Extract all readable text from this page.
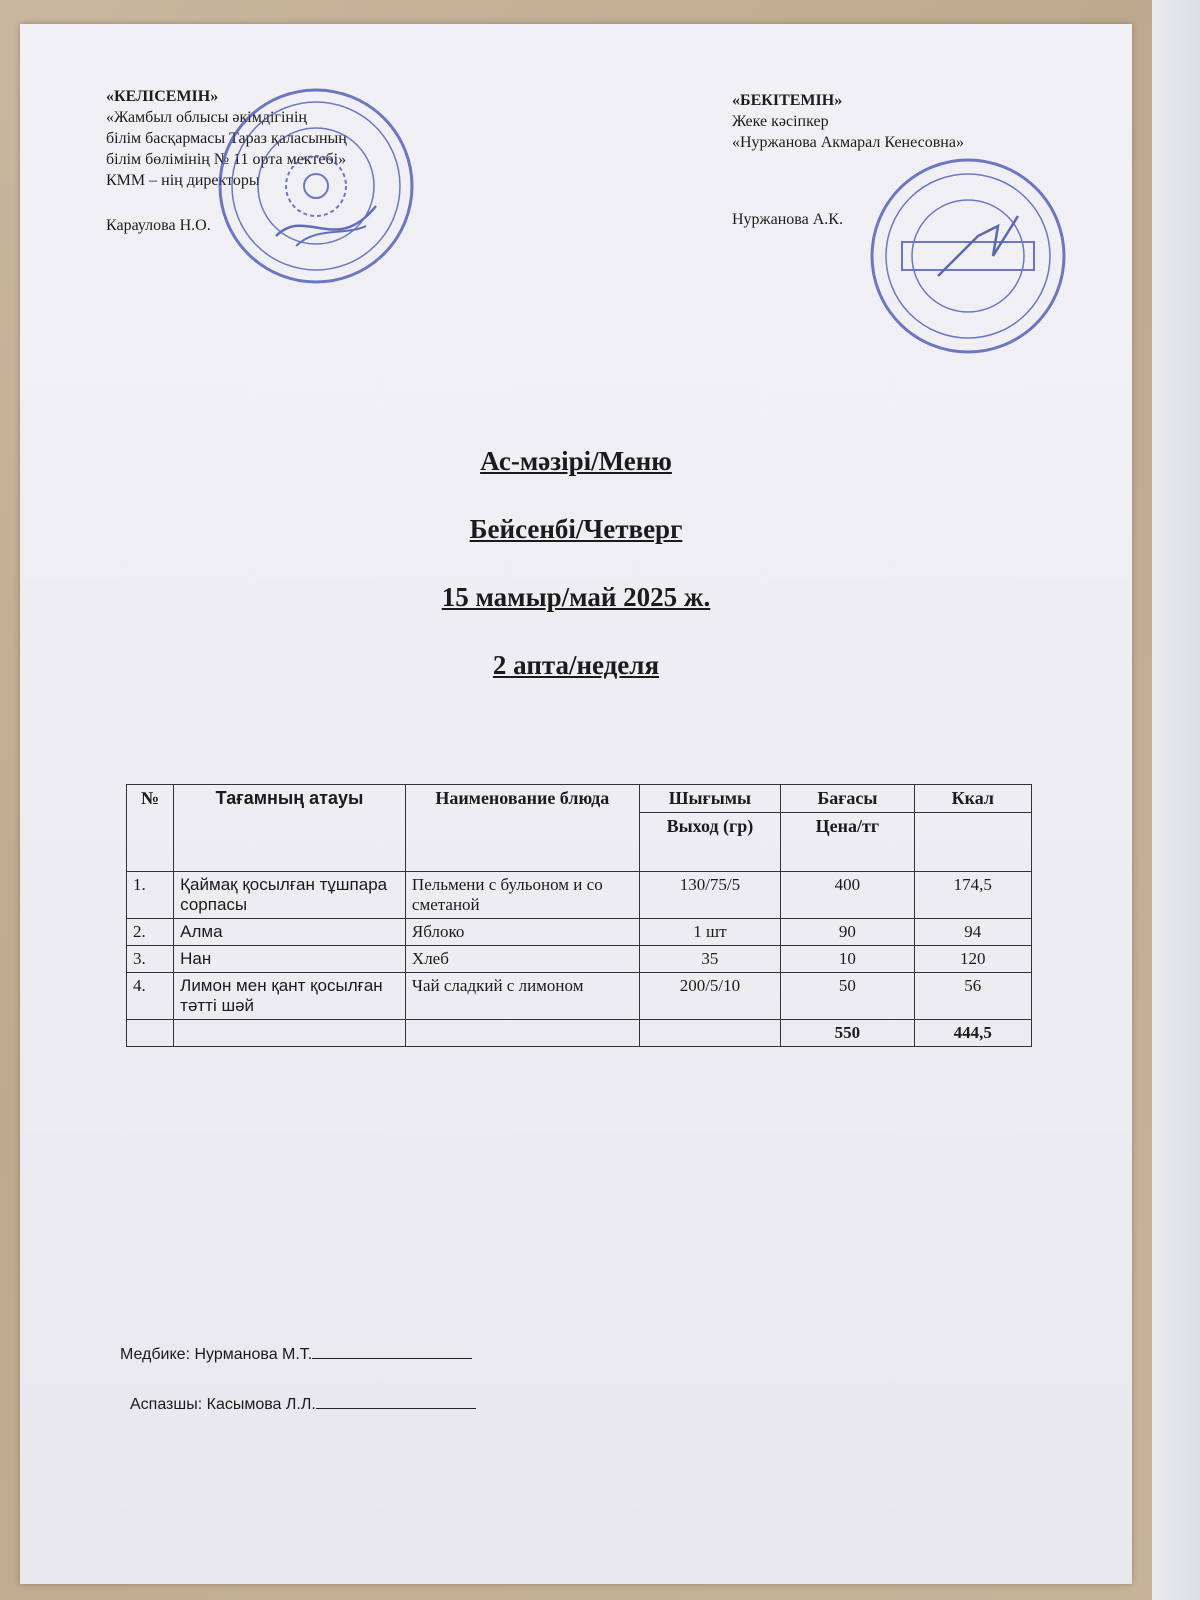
«КЕЛІСЕМІН»
«Жамбыл облысы әкімдігінің
білім басқармасы Тараз қаласының
білім бөлімінің № 11 орта мектебі»
КММ – нің директоры
Караулова Н.О.
«БЕКІТЕМІН»
Жеке кәсіпкер
«Нуржанова Акмарал Кенесовна»
Нуржанова А.К.
Ас-мәзірі/Меню
Бейсенбі/Четверг
15 мамыр/май 2025 ж.
2 апта/неделя
№	Тағамның атауы	Наименование блюда	Шығымы	Бағасы	Ккал
			Выход (гр)	Цена/тг	
1.	Қаймақ қосылған тұшпара сорпасы	Пельмени с бульоном и со сметаной	130/75/5	400	174,5
2.	Алма	Яблоко	1 шт	90	94
3.	Нан	Хлеб	35	10	120
4.	Лимон мен қант қосылған тәтті шәй	Чай сладкий с лимоном	200/5/10	50	56
				550	444,5
Медбике: Нурманова М.Т.
Аспазшы: Касымова Л.Л.
